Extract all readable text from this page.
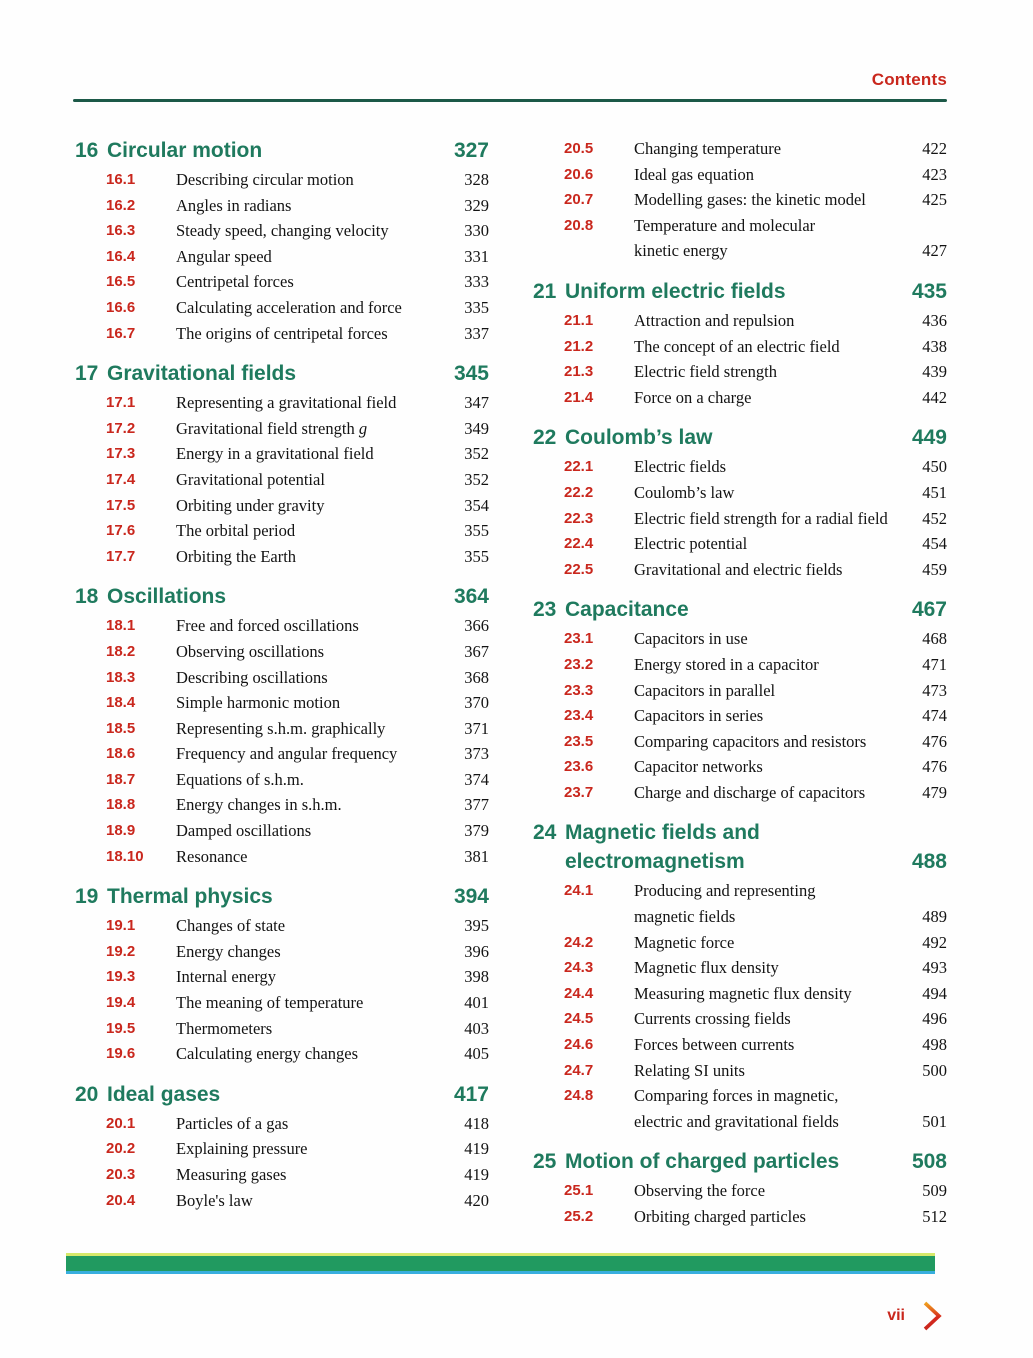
Contents
16 Circular motion	327
16.1	Describing circular motion	328
16.2	Angles in radians	329
16.3	Steady speed, changing velocity	330
16.4	Angular speed	331
16.5	Centripetal forces	333
16.6	Calculating acceleration and force	335
16.7	The origins of centripetal forces	337
17 Gravitational fields	345
17.1	Representing a gravitational field	347
17.2	Gravitational field strength g	349
17.3	Energy in a gravitational field	352
17.4	Gravitational potential	352
17.5	Orbiting under gravity	354
17.6	The orbital period	355
17.7	Orbiting the Earth	355
18 Oscillations	364
18.1	Free and forced oscillations	366
18.2	Observing oscillations	367
18.3	Describing oscillations	368
18.4	Simple harmonic motion	370
18.5	Representing s.h.m. graphically	371
18.6	Frequency and angular frequency	373
18.7	Equations of s.h.m.	374
18.8	Energy changes in s.h.m.	377
18.9	Damped oscillations	379
18.10	Resonance	381
19 Thermal physics	394
19.1	Changes of state	395
19.2	Energy changes	396
19.3	Internal energy	398
19.4	The meaning of temperature	401
19.5	Thermometers	403
19.6	Calculating energy changes	405
20 Ideal gases	417
20.1	Particles of a gas	418
20.2	Explaining pressure	419
20.3	Measuring gases	419
20.4	Boyle's law	420
20.5	Changing temperature	422
20.6	Ideal gas equation	423
20.7	Modelling gases: the kinetic model	425
20.8	Temperature and molecular
kinetic energy	427
21 Uniform electric fields	435
21.1	Attraction and repulsion	436
21.2	The concept of an electric field	438
21.3	Electric field strength	439
21.4	Force on a charge	442
22 Coulomb’s law	449
22.1	Electric fields	450
22.2	Coulomb’s law	451
22.3	Electric field strength for a radial field	452
22.4	Electric potential	454
22.5	Gravitational and electric fields	459
23 Capacitance	467
23.1	Capacitors in use	468
23.2	Energy stored in a capacitor	471
23.3	Capacitors in parallel	473
23.4	Capacitors in series	474
23.5	Comparing capacitors and resistors	476
23.6	Capacitor networks	476
23.7	Charge and discharge of capacitors	479
24 Magnetic fields and
electromagnetism	488
24.1	Producing and representing
magnetic fields	489
24.2	Magnetic force	492
24.3	Magnetic flux density	493
24.4	Measuring magnetic flux density	494
24.5	Currents crossing fields	496
24.6	Forces between currents	498
24.7	Relating SI units	500
24.8	Comparing forces in magnetic,
electric and gravitational fields	501
25 Motion of charged particles	508
25.1	Observing the force	509
25.2	Orbiting charged particles	512
vii
